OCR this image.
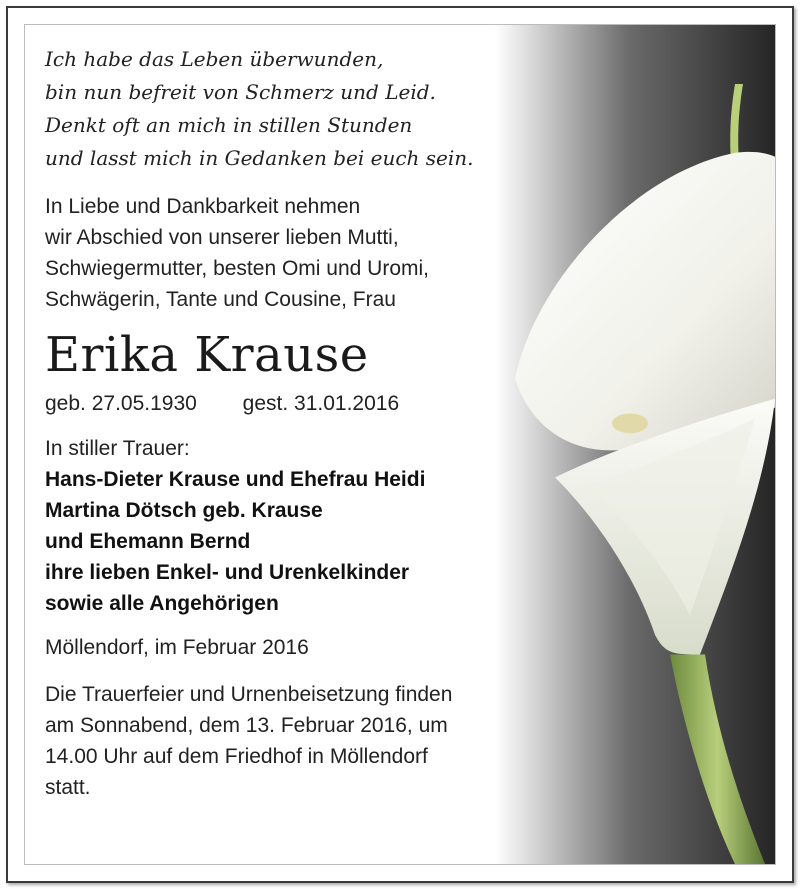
Ich habe das Leben überwunden,
bin nun befreit von Schmerz und Leid.
Denkt oft an mich in stillen Stunden
und lasst mich in Gedanken bei euch sein.
In Liebe und Dankbarkeit nehmen
wir Abschied von unserer lieben Mutti,
Schwiegermutter, besten Omi und Uromi,
Schwägerin, Tante und Cousine, Frau
Erika Krause
geb. 27.05.1930 gest. 31.01.2016
In stiller Trauer:
Hans-Dieter Krause und Ehefrau Heidi
Martina Dötsch geb. Krause
und Ehemann Bernd
ihre lieben Enkel- und Urenkelkinder
sowie alle Angehörigen
Möllendorf, im Februar 2016
Die Trauerfeier und Urnenbeisetzung finden
am Sonnabend, dem 13. Februar 2016, um
14.00 Uhr auf dem Friedhof in Möllendorf
statt.
